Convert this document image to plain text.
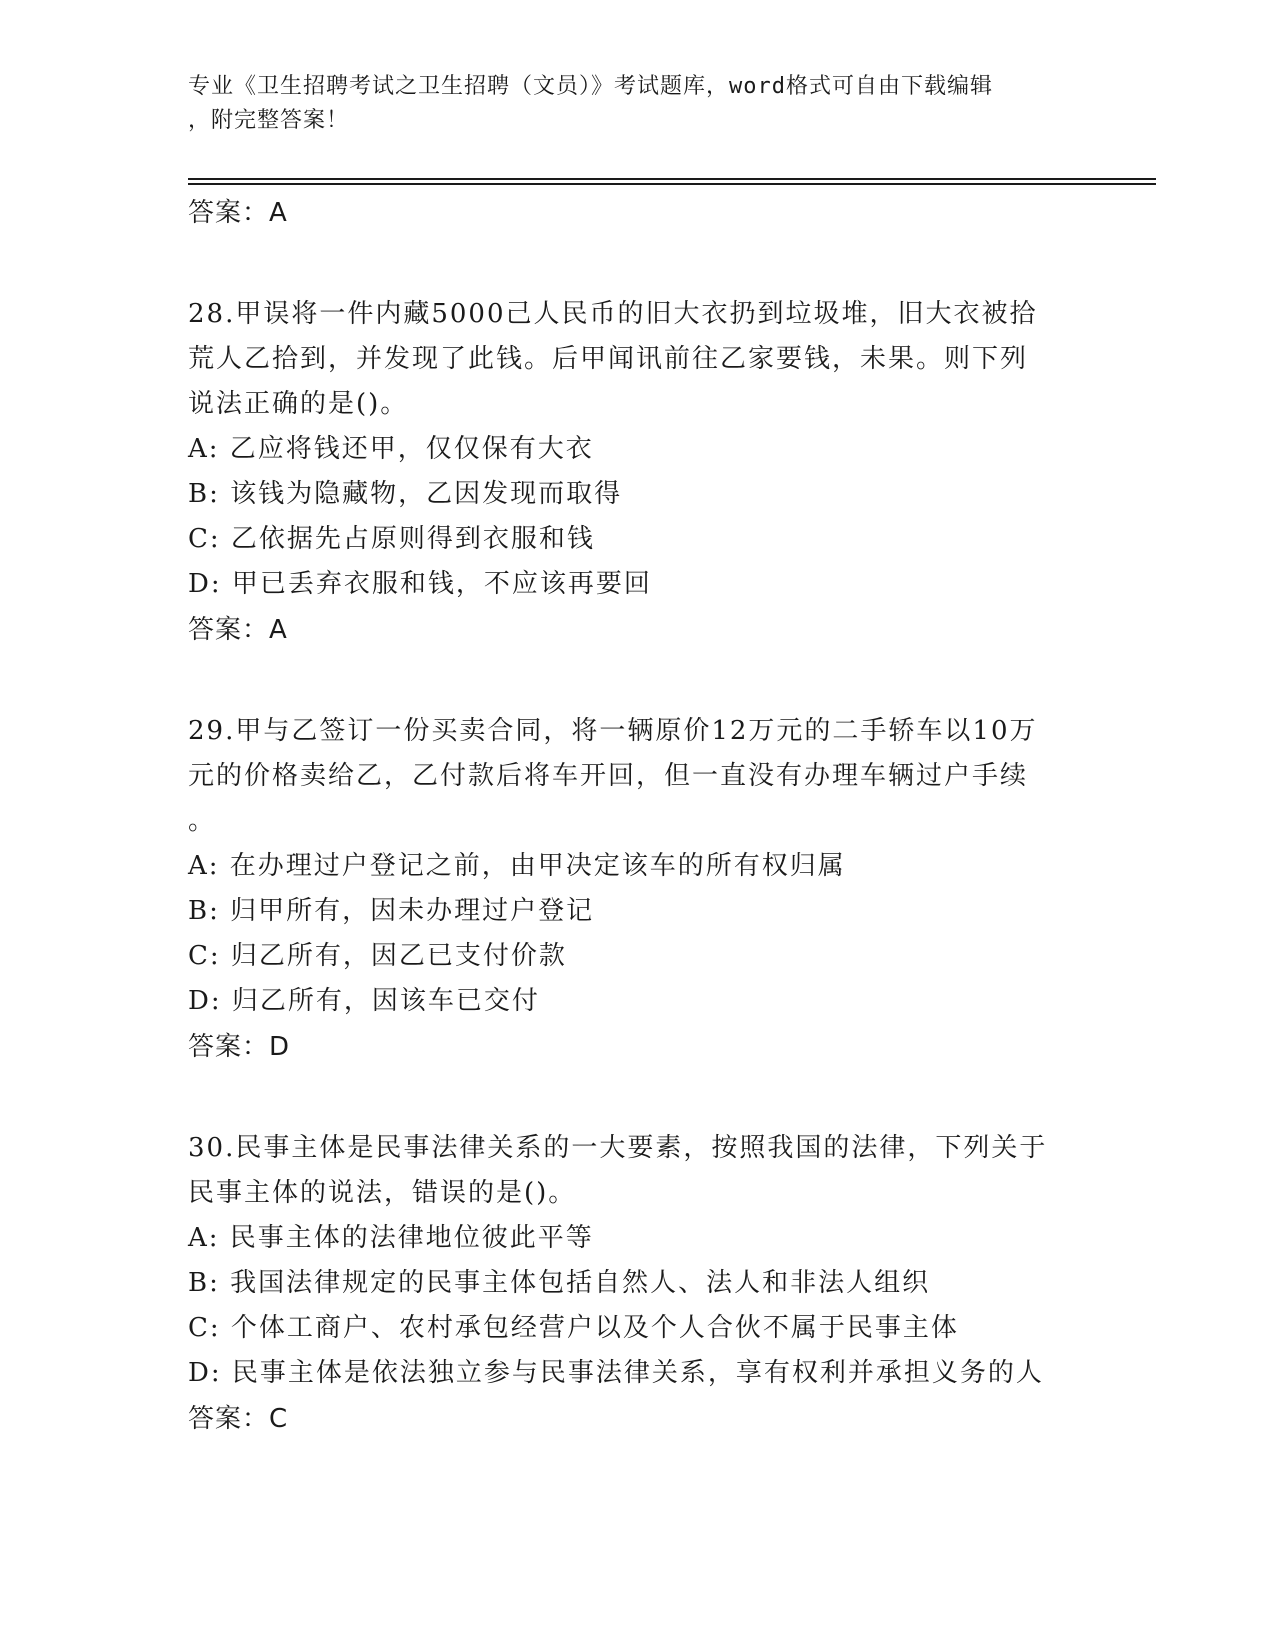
专业《卫生招聘考试之卫生招聘（文员）》考试题库，word格式可自由下载编辑
，附完整答案！
答案：A
28.甲误将一件内藏5000己人民币的旧大衣扔到垃圾堆，旧大衣被拾
荒人乙拾到，并发现了此钱。后甲闻讯前往乙家要钱，未果。则下列
说法正确的是()。
A: 乙应将钱还甲，仅仅保有大衣
B: 该钱为隐藏物，乙因发现而取得
C: 乙依据先占原则得到衣服和钱
D: 甲已丢弃衣服和钱，不应该再要回
答案：A
29.甲与乙签订一份买卖合同，将一辆原价12万元的二手轿车以10万
元的价格卖给乙，乙付款后将车开回，但一直没有办理车辆过户手续
。
A: 在办理过户登记之前，由甲决定该车的所有权归属
B: 归甲所有，因未办理过户登记
C: 归乙所有，因乙已支付价款
D: 归乙所有，因该车已交付
答案：D
30.民事主体是民事法律关系的一大要素，按照我国的法律，下列关于
民事主体的说法，错误的是()。
A: 民事主体的法律地位彼此平等
B: 我国法律规定的民事主体包括自然人、法人和非法人组织
C: 个体工商户、农村承包经营户以及个人合伙不属于民事主体
D: 民事主体是依法独立参与民事法律关系，享有权利并承担义务的人
答案：C
